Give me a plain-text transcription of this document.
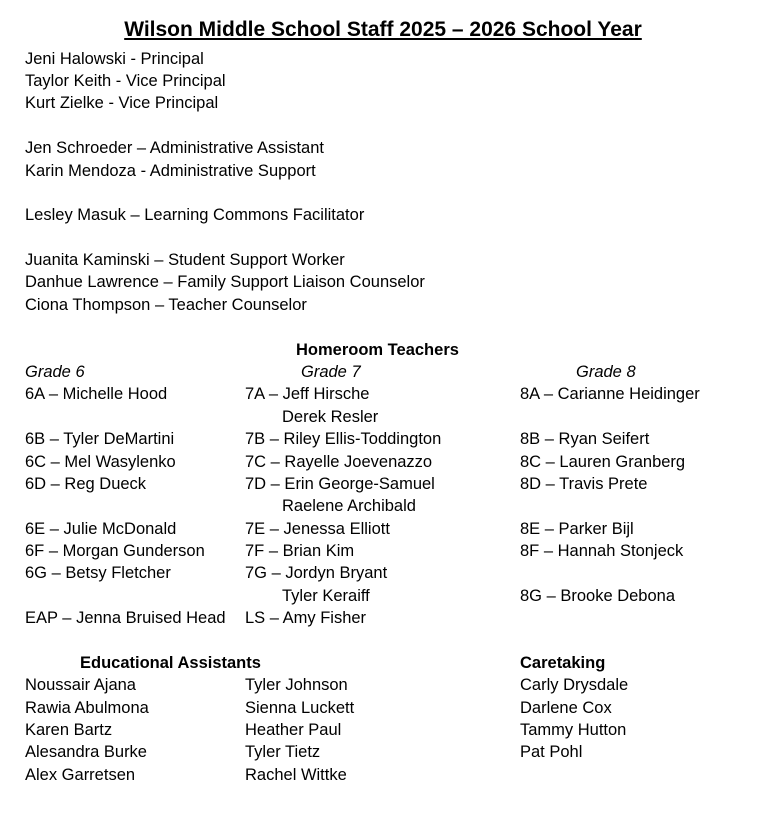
Wilson Middle School Staff 2025 – 2026 School Year
Jeni Halowski - Principal
Taylor Keith - Vice Principal
Kurt Zielke - Vice Principal
Jen Schroeder – Administrative Assistant
Karin Mendoza - Administrative Support
Lesley Masuk – Learning Commons Facilitator
Juanita Kaminski – Student Support Worker
Danhue Lawrence – Family Support Liaison Counselor
Ciona Thompson – Teacher Counselor
Homeroom Teachers
Grade 6	Grade 7	Grade 8
6A – Michelle Hood
6B – Tyler DeMartini
6C – Mel Wasylenko
6D – Reg Dueck
6E – Julie McDonald
6F – Morgan Gunderson
6G – Betsy Fletcher
EAP – Jenna Bruised Head
7A – Jeff Hirsche
Derek Resler
7B – Riley Ellis-Toddington
7C – Rayelle Joevenazzo
7D – Erin George-Samuel
Raelene Archibald
7E – Jenessa Elliott
7F – Brian Kim
7G – Jordyn Bryant
Tyler Keraiff
LS – Amy Fisher
8A – Carianne Heidinger
8B – Ryan Seifert
8C – Lauren Granberg
8D – Travis Prete
8E – Parker Bijl
8F – Hannah Stonjeck
8G – Brooke Debona
Educational Assistants
Noussair Ajana
Rawia Abulmona
Karen Bartz
Alesandra Burke
Alex Garretsen
Tyler Johnson
Sienna Luckett
Heather Paul
Tyler Tietz
Rachel Wittke
Caretaking
Carly Drysdale
Darlene Cox
Tammy Hutton
Pat Pohl
